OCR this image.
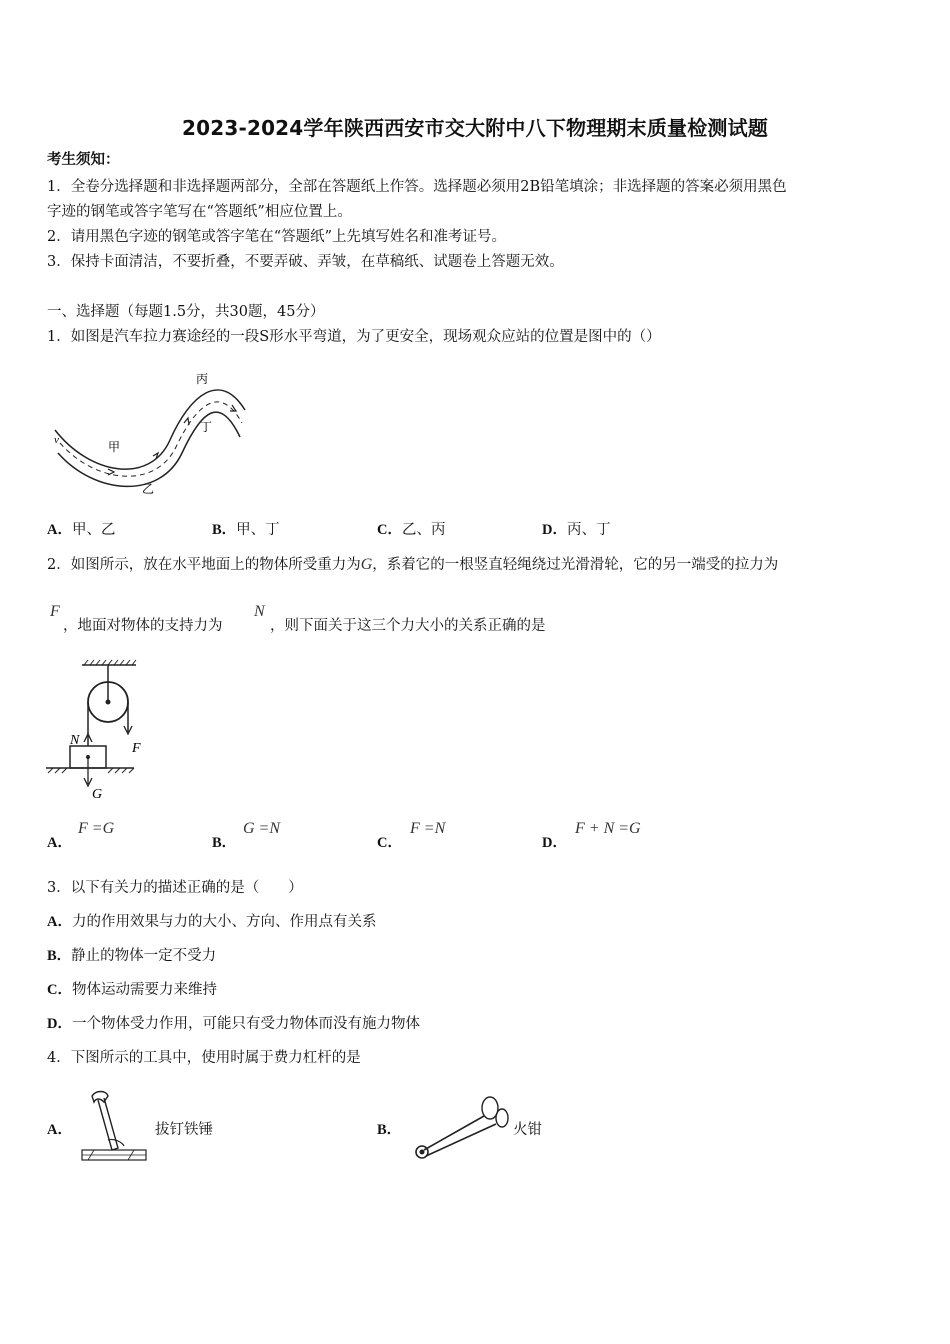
2023-2024学年陕西西安市交大附中八下物理期末质量检测试题
考生须知：
1．全卷分选择题和非选择题两部分，全部在答题纸上作答。选择题必须用2B铅笔填涂；非选择题的答案必须用黑色
字迹的钢笔或答字笔写在“答题纸”相应位置上。
2．请用黑色字迹的钢笔或答字笔在“答题纸”上先填写姓名和准考证号。
3．保持卡面清洁，不要折叠，不要弄破、弄皱，在草稿纸、试题卷上答题无效。
一、选择题（每题1.5分，共30题，45分）
1．如图是汽车拉力赛途经的一段S形水平弯道，为了更安全，现场观众应站的位置是图中的（）
丙
丁
甲
乙
v
A．甲、乙	B．甲、丁	C．乙、丙	D．丙、丁
2．如图所示，放在水平地面上的物体所受重力为G，系着它的一根竖直轻绳绕过光滑滑轮，它的另一端受的拉力为
F
，地面对物体的支持力为
N
，则下面关于这三个力大小的关系正确的是
N
F
G
A．
F =G
B．
G =N
C．
F =N
D．
F + N =G
3．以下有关力的描述正确的是（　　）
A．力的作用效果与力的大小、方向、作用点有关系
B．静止的物体一定不受力
C．物体运动需要力来维持
D．一个物体受力作用，可能只有受力物体而没有施力物体
4．下图所示的工具中，使用时属于费力杠杆的是
A．	拔钉铁锤	B．	火钳
